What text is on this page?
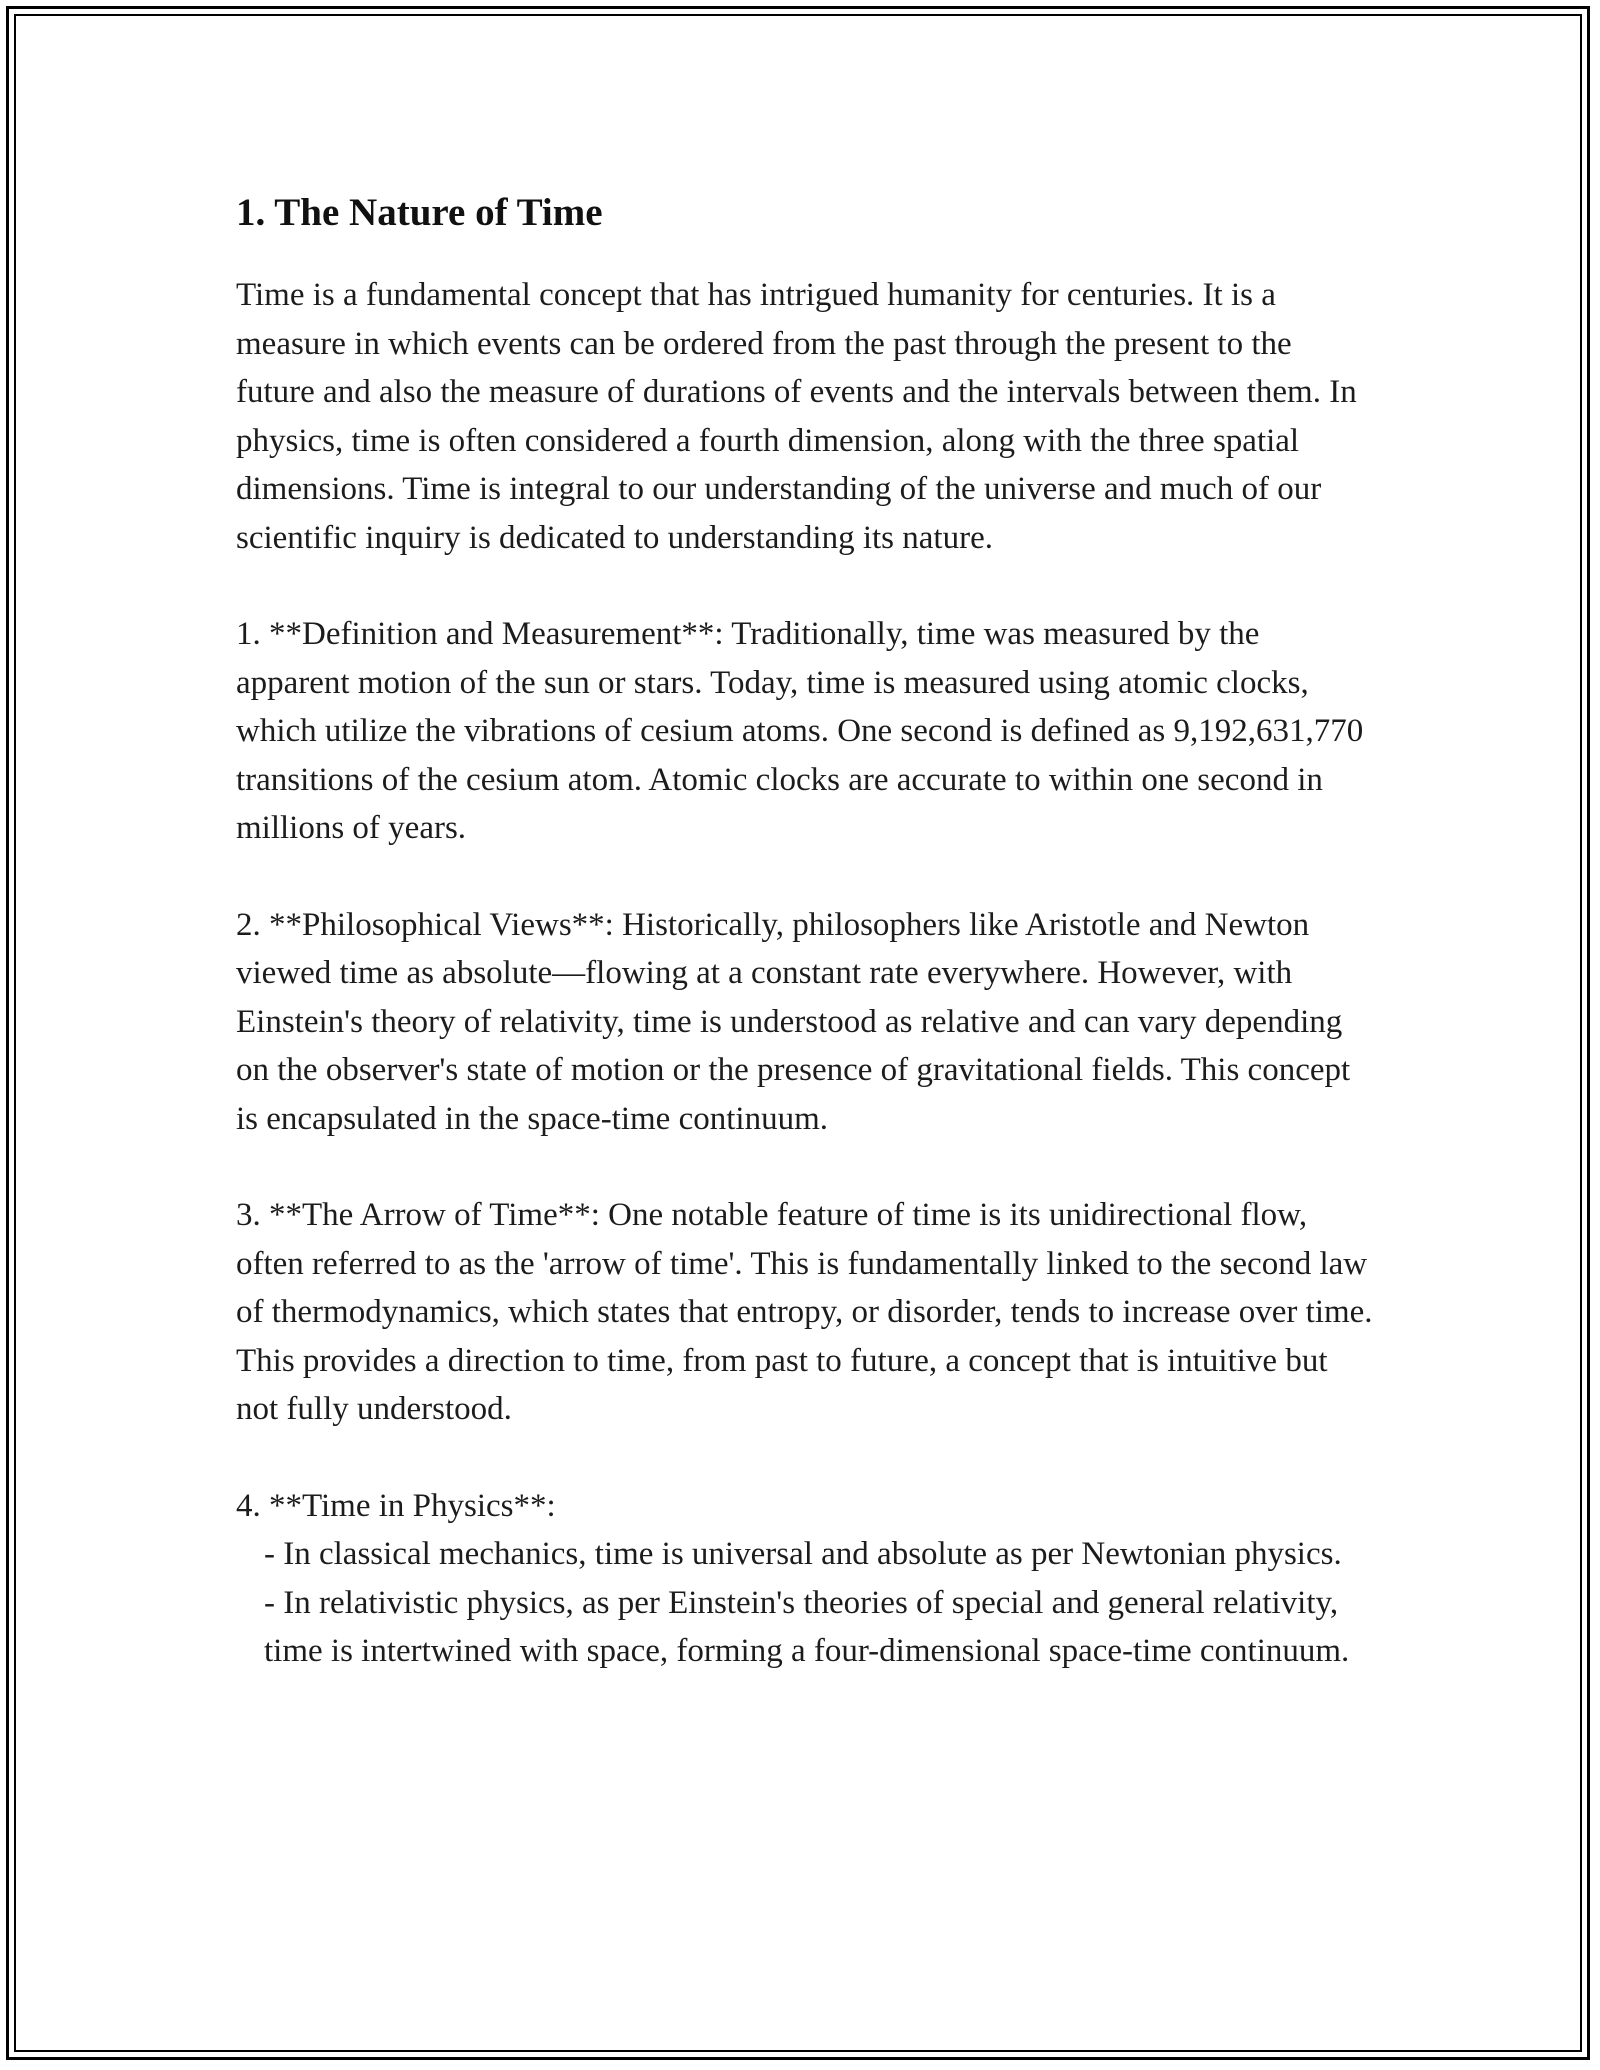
1. The Nature of Time

Time is a fundamental concept that has intrigued humanity for centuries. It is a measure in which events can be ordered from the past through the present to the future and also the measure of durations of events and the intervals between them. In physics, time is often considered a fourth dimension, along with the three spatial dimensions. Time is integral to our understanding of the universe and much of our scientific inquiry is dedicated to understanding its nature.

1. **Definition and Measurement**: Traditionally, time was measured by the apparent motion of the sun or stars. Today, time is measured using atomic clocks, which utilize the vibrations of cesium atoms. One second is defined as 9,192,631,770 transitions of the cesium atom. Atomic clocks are accurate to within one second in millions of years.

2. **Philosophical Views**: Historically, philosophers like Aristotle and Newton viewed time as absolute—flowing at a constant rate everywhere. However, with Einstein's theory of relativity, time is understood as relative and can vary depending on the observer's state of motion or the presence of gravitational fields. This concept is encapsulated in the space-time continuum.

3. **The Arrow of Time**: One notable feature of time is its unidirectional flow, often referred to as the 'arrow of time'. This is fundamentally linked to the second law of thermodynamics, which states that entropy, or disorder, tends to increase over time. This provides a direction to time, from past to future, a concept that is intuitive but not fully understood.

4. **Time in Physics**:
- In classical mechanics, time is universal and absolute as per Newtonian physics.
- In relativistic physics, as per Einstein's theories of special and general relativity, time is intertwined with space, forming a four-dimensional space-time continuum.
